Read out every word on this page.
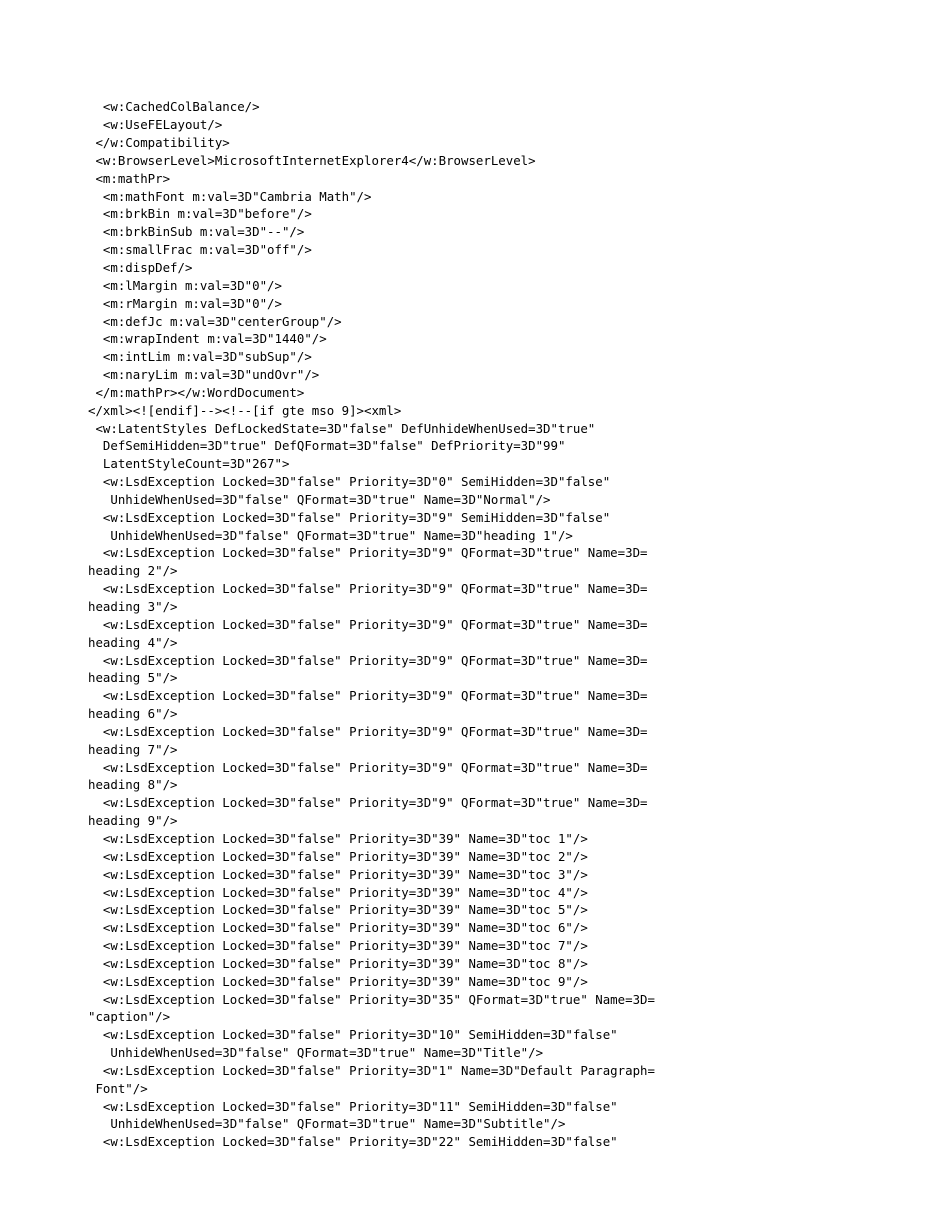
<w:CachedColBalance/>
<w:UseFELayout/>
</w:Compatibility>
<w:BrowserLevel>MicrosoftInternetExplorer4</w:BrowserLevel>
<m:mathPr>
<m:mathFont m:val=3D"Cambria Math"/>
<m:brkBin m:val=3D"before"/>
<m:brkBinSub m:val=3D"--"/>
<m:smallFrac m:val=3D"off"/>
<m:dispDef/>
<m:lMargin m:val=3D"0"/>
<m:rMargin m:val=3D"0"/>
<m:defJc m:val=3D"centerGroup"/>
<m:wrapIndent m:val=3D"1440"/>
<m:intLim m:val=3D"subSup"/>
<m:naryLim m:val=3D"undOvr"/>
</m:mathPr></w:WordDocument>
</xml><![endif]--><!--[if gte mso 9]><xml>
<w:LatentStyles DefLockedState=3D"false" DefUnhideWhenUsed=3D"true"
DefSemiHidden=3D"true" DefQFormat=3D"false" DefPriority=3D"99"
LatentStyleCount=3D"267">
<w:LsdException Locked=3D"false" Priority=3D"0" SemiHidden=3D"false"
UnhideWhenUsed=3D"false" QFormat=3D"true" Name=3D"Normal"/>
<w:LsdException Locked=3D"false" Priority=3D"9" SemiHidden=3D"false"
UnhideWhenUsed=3D"false" QFormat=3D"true" Name=3D"heading 1"/>
<w:LsdException Locked=3D"false" Priority=3D"9" QFormat=3D"true" Name=3D=
heading 2"/>
<w:LsdException Locked=3D"false" Priority=3D"9" QFormat=3D"true" Name=3D=
heading 3"/>
<w:LsdException Locked=3D"false" Priority=3D"9" QFormat=3D"true" Name=3D=
heading 4"/>
<w:LsdException Locked=3D"false" Priority=3D"9" QFormat=3D"true" Name=3D=
heading 5"/>
<w:LsdException Locked=3D"false" Priority=3D"9" QFormat=3D"true" Name=3D=
heading 6"/>
<w:LsdException Locked=3D"false" Priority=3D"9" QFormat=3D"true" Name=3D=
heading 7"/>
<w:LsdException Locked=3D"false" Priority=3D"9" QFormat=3D"true" Name=3D=
heading 8"/>
<w:LsdException Locked=3D"false" Priority=3D"9" QFormat=3D"true" Name=3D=
heading 9"/>
<w:LsdException Locked=3D"false" Priority=3D"39" Name=3D"toc 1"/>
<w:LsdException Locked=3D"false" Priority=3D"39" Name=3D"toc 2"/>
<w:LsdException Locked=3D"false" Priority=3D"39" Name=3D"toc 3"/>
<w:LsdException Locked=3D"false" Priority=3D"39" Name=3D"toc 4"/>
<w:LsdException Locked=3D"false" Priority=3D"39" Name=3D"toc 5"/>
<w:LsdException Locked=3D"false" Priority=3D"39" Name=3D"toc 6"/>
<w:LsdException Locked=3D"false" Priority=3D"39" Name=3D"toc 7"/>
<w:LsdException Locked=3D"false" Priority=3D"39" Name=3D"toc 8"/>
<w:LsdException Locked=3D"false" Priority=3D"39" Name=3D"toc 9"/>
<w:LsdException Locked=3D"false" Priority=3D"35" QFormat=3D"true" Name=3D=
"caption"/>
<w:LsdException Locked=3D"false" Priority=3D"10" SemiHidden=3D"false"
UnhideWhenUsed=3D"false" QFormat=3D"true" Name=3D"Title"/>
<w:LsdException Locked=3D"false" Priority=3D"1" Name=3D"Default Paragraph=
Font"/>
<w:LsdException Locked=3D"false" Priority=3D"11" SemiHidden=3D"false"
UnhideWhenUsed=3D"false" QFormat=3D"true" Name=3D"Subtitle"/>
<w:LsdException Locked=3D"false" Priority=3D"22" SemiHidden=3D"false"
